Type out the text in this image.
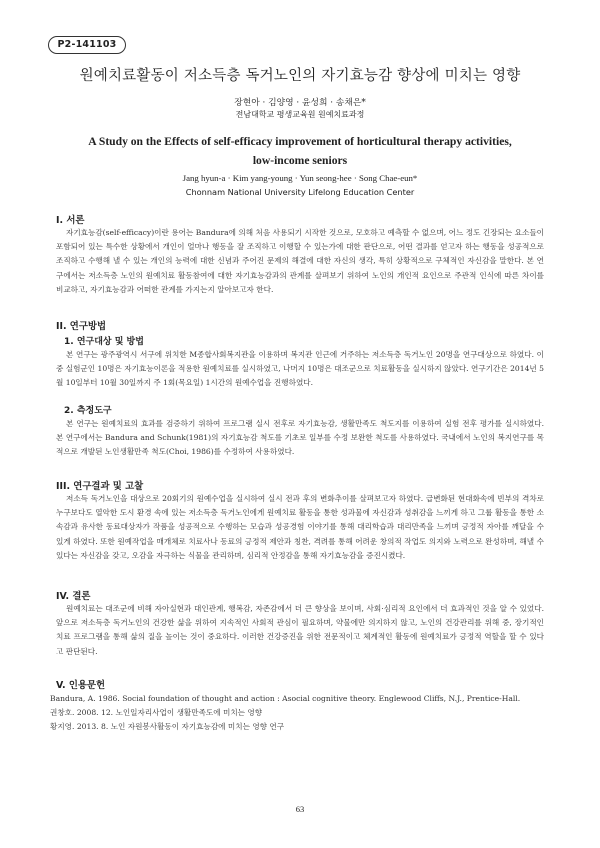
P2-141103
원예치료활동이 저소득층 독거노인의 자기효능감 향상에 미치는 영향
장현아 · 김양영 · 윤성희 · 송채은*
전남대학교 평생교육원 원예치료과정
A Study on the Effects of self-efficacy improvement of horticultural therapy activities,
low-income seniors
Jang hyun-a · Kim yang-young · Yun seong-hee · Song Chae-eun*
Chonnam National University Lifelong Education Center
I. 서론

자기효능감(self-efficacy)이란 용어는 Bandura에 의해 처음 사용되기 시작한 것으로, 모호하고 예측할 수 없으며, 어느 정도 긴장되는 요소들이 포함되어 있는 특수한 상황에서 개인이 얼마나 행동을 잘 조직하고 이행할 수 있는가에 대한 판단으로, 어떤 결과를 얻고자 하는 행동을 성공적으로 조직하고 수행해 낼 수 있는 개인의 능력에 대한 신념과 주어진 문제의 해결에 대한 자신의 생각, 특히 상황적으로 구체적인 자신감을 말한다. 본 연구에서는 저소득층 노인의 원예치료 활동참여에 대한 자기효능감과의 관계를 살펴보기 위하여 노인의 개인적 요인으로 주관적 인식에 따른 차이를 비교하고, 자기효능감과 어떠한 관계를 가지는지 알아보고자 한다.

II. 연구방법
1. 연구대상 및 방법

본 연구는 광주광역시 서구에 위치한 M종합사회복지관을 이용하며 복지관 인근에 거주하는 저소득층 독거노인 20명을 연구대상으로 하였다. 이중 실험군인 10명은 자기효능이론을 적용한 원예치료를 실시하였고, 나머지 10명은 대조군으로 치료활동을 실시하지 않았다. 연구기간은 2014년 5월 10일부터 10월 30일까지 주 1회(목요일) 1시간의 원예수업을 진행하였다.

2. 측정도구

본 연구는 원예치료의 효과를 검증하기 위하여 프로그램 실시 전후로 자기효능감, 생활만족도 척도지를 이용하여 실험 전후 평가를 실시하였다. 본 연구에서는 Bandura and Schunk(1981)의 자기효능감 척도를 기초로 일부를 수정 보완한 척도를 사용하였다. 국내에서 노인의 복지연구를 목적으로 개발된 노인생활만족 척도(Choi, 1986)를 수정하여 사용하였다.

III. 연구결과 및 고찰

저소득 독거노인을 대상으로 20회기의 원예수업을 실시하여 실시 전과 후의 변화추이를 살펴보고자 하였다. 급변화된 현대화속에 빈부의 격차로 누구보다도 열악한 도시 환경 속에 있는 저소득층 독거노인에게 원예치료 활동을 통한 성과물에 자신감과 성취감을 느끼게 하고 그룹 활동을 통한 소속감과 유사한 동료대상자가 작품을 성공적으로 수행하는 모습과 성공경험 이야기를 통해 대리학습과 대리만족을 느끼며 긍정적 자아를 깨달을 수 있게 하였다. 또한 원예작업을 매개체로 치료사나 동료의 긍정적 제안과 칭찬, 격려를 통해 어려운 창의적 작업도 의지와 노력으로 완성하며, 해낼 수 있다는 자신감을 갖고, 오감을 자극하는 식물을 관리하며, 심리적 안정감을 통해 자기효능감을 증진시켰다.

IV. 결론

원예치료는 대조군에 비해 자아실현과 대인관계, 행복감, 자존감에서 더 큰 향상을 보이며, 사회·심리적 요인에서 더 효과적인 것을 알 수 있었다. 앞으로 저소득층 독거노인의 건강한 삶을 위하여 지속적인 사회적 관심이 필요하며, 약물에만 의지하지 않고, 노인의 건강관리를 위해 중, 장기적인 치료 프로그램을 통해 삶의 질을 높이는 것이 중요하다. 이러한 건강증진을 위한 전문적이고 체계적인 활동에 원예치료가 긍정적 역할을 할 수 있다고 판단된다.

V. 인용문헌

Bandura, A. 1986. Social foundation of thought and action : Asocial cognitive theory. Englewood Cliffs, N.J., Prentice-Hall.

권창호. 2008. 12. 노인일자리사업이 생활만족도에 미치는 영향

황지영. 2013. 8. 노인 자원봉사활동이 자기효능감에 미치는 영향 연구

63
